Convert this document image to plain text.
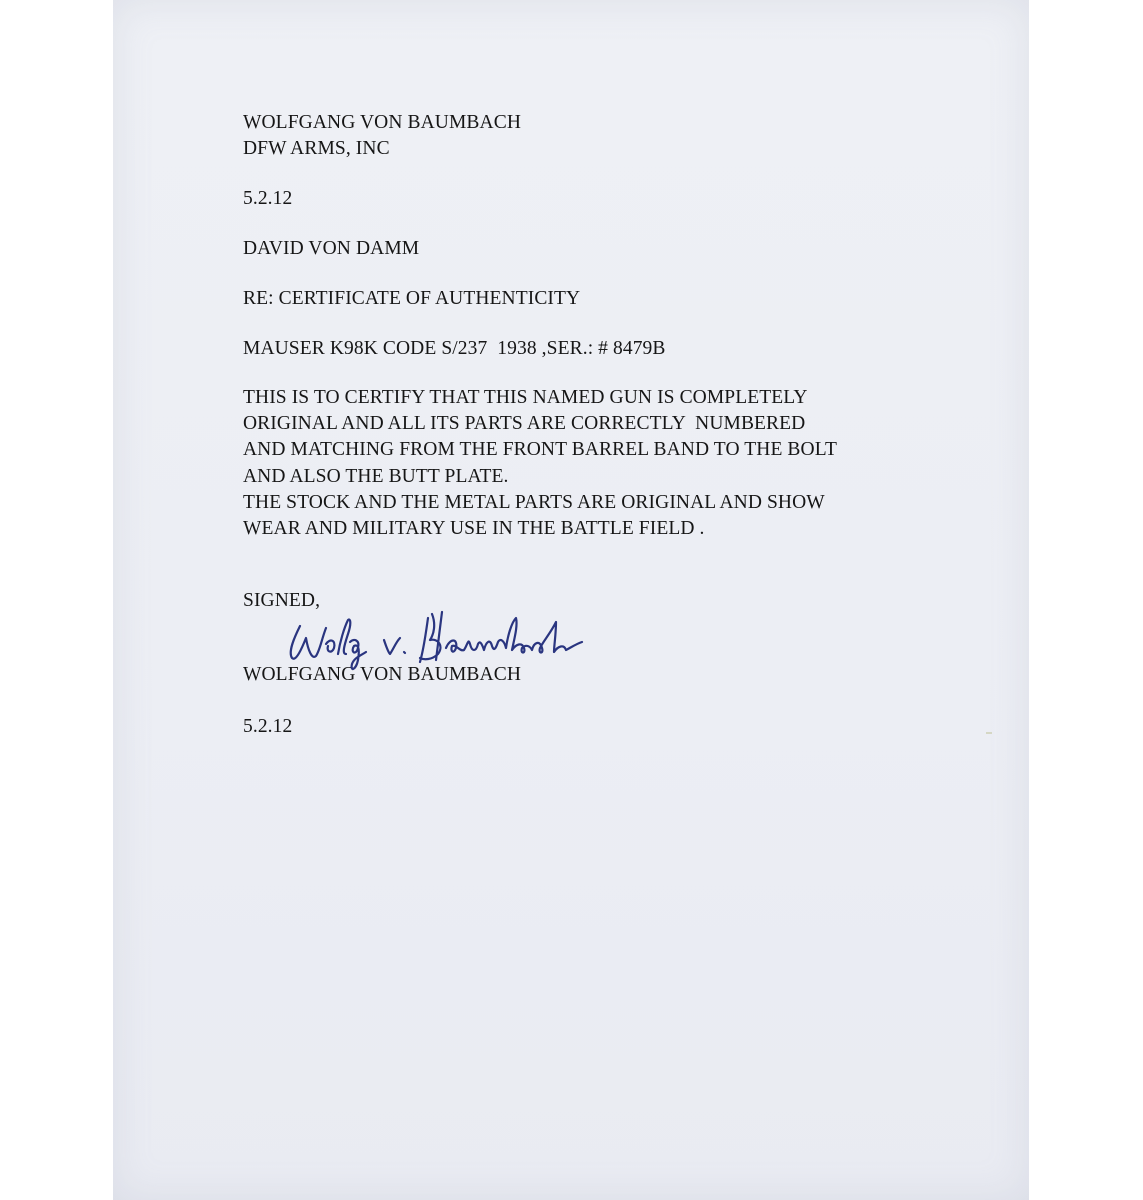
WOLFGANG VON BAUMBACH
DFW ARMS, INC
5.2.12
DAVID VON DAMM
RE: CERTIFICATE OF AUTHENTICITY
MAUSER K98K CODE S/237  1938 ,SER.: # 8479B
THIS IS TO CERTIFY THAT THIS NAMED GUN IS COMPLETELY
ORIGINAL AND ALL ITS PARTS ARE CORRECTLY  NUMBERED
AND MATCHING FROM THE FRONT BARREL BAND TO THE BOLT
AND ALSO THE BUTT PLATE.
THE STOCK AND THE METAL PARTS ARE ORIGINAL AND SHOW
WEAR AND MILITARY USE IN THE BATTLE FIELD .
SIGNED,
WOLFGANG VON BAUMBACH
5.2.12
